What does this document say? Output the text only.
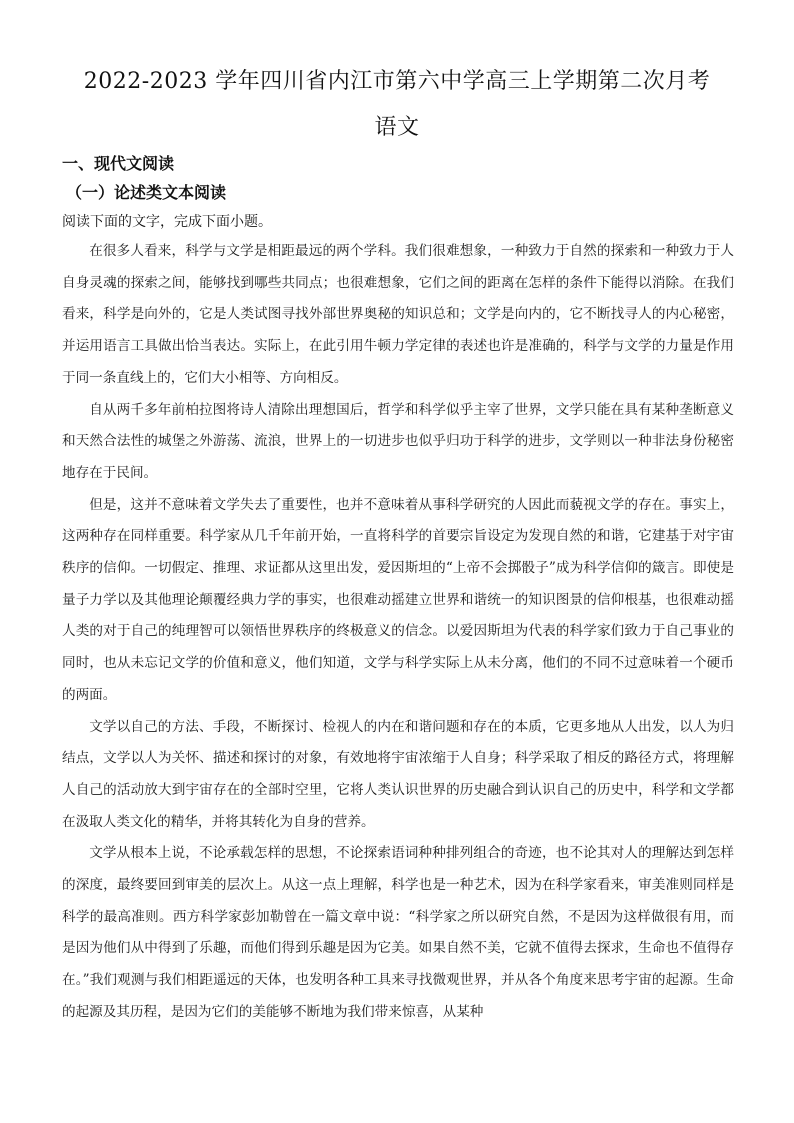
2022-2023 学年四川省内江市第六中学高三上学期第二次月考
语文
一、现代文阅读
（一）论述类文本阅读
阅读下面的文字，完成下面小题。

在很多人看来，科学与文学是相距最远的两个学科。我们很难想象，一种致力于自然的探索和一种致力于人自身灵魂的探索之间，能够找到哪些共同点；也很难想象，它们之间的距离在怎样的条件下能得以消除。在我们看来，科学是向外的，它是人类试图寻找外部世界奥秘的知识总和；文学是向内的，它不断找寻人的内心秘密，并运用语言工具做出恰当表达。实际上，在此引用牛顿力学定律的表述也许是准确的，科学与文学的力量是作用于同一条直线上的，它们大小相等、方向相反。

自从两千多年前柏拉图将诗人清除出理想国后，哲学和科学似乎主宰了世界，文学只能在具有某种垄断意义和天然合法性的城堡之外游荡、流浪，世界上的一切进步也似乎归功于科学的进步，文学则以一种非法身份秘密地存在于民间。

但是，这并不意味着文学失去了重要性，也并不意味着从事科学研究的人因此而藐视文学的存在。事实上，这两种存在同样重要。科学家从几千年前开始，一直将科学的首要宗旨设定为发现自然的和谐，它建基于对宇宙秩序的信仰。一切假定、推理、求证都从这里出发，爱因斯坦的“上帝不会掷骰子”成为科学信仰的箴言。即使是量子力学以及其他理论颠覆经典力学的事实，也很难动摇建立世界和谐统一的知识图景的信仰根基，也很难动摇人类的对于自己的纯理智可以领悟世界秩序的终极意义的信念。以爱因斯坦为代表的科学家们致力于自己事业的同时，也从未忘记文学的价值和意义，他们知道，文学与科学实际上从未分离，他们的不同不过意味着一个硬币的两面。

文学以自己的方法、手段，不断探讨、检视人的内在和谐问题和存在的本质，它更多地从人出发，以人为归结点，文学以人为关怀、描述和探讨的对象，有效地将宇宙浓缩于人自身；科学采取了相反的路径方式，将理解人自己的活动放大到宇宙存在的全部时空里，它将人类认识世界的历史融合到认识自己的历史中，科学和文学都在汲取人类文化的精华，并将其转化为自身的营养。

文学从根本上说，不论承载怎样的思想，不论探索语词种种排列组合的奇迹，也不论其对人的理解达到怎样的深度，最终要回到审美的层次上。从这一点上理解，科学也是一种艺术，因为在科学家看来，审美准则同样是科学的最高准则。西方科学家彭加勒曾在一篇文章中说：“科学家之所以研究自然，不是因为这样做很有用，而是因为他们从中得到了乐趣，而他们得到乐趣是因为它美。如果自然不美，它就不值得去探求，生命也不值得存在。”我们观测与我们相距遥远的天体，也发明各种工具来寻找微观世界，并从各个角度来思考宇宙的起源。生命的起源及其历程，是因为它们的美能够不断地为我们带来惊喜，从某种
